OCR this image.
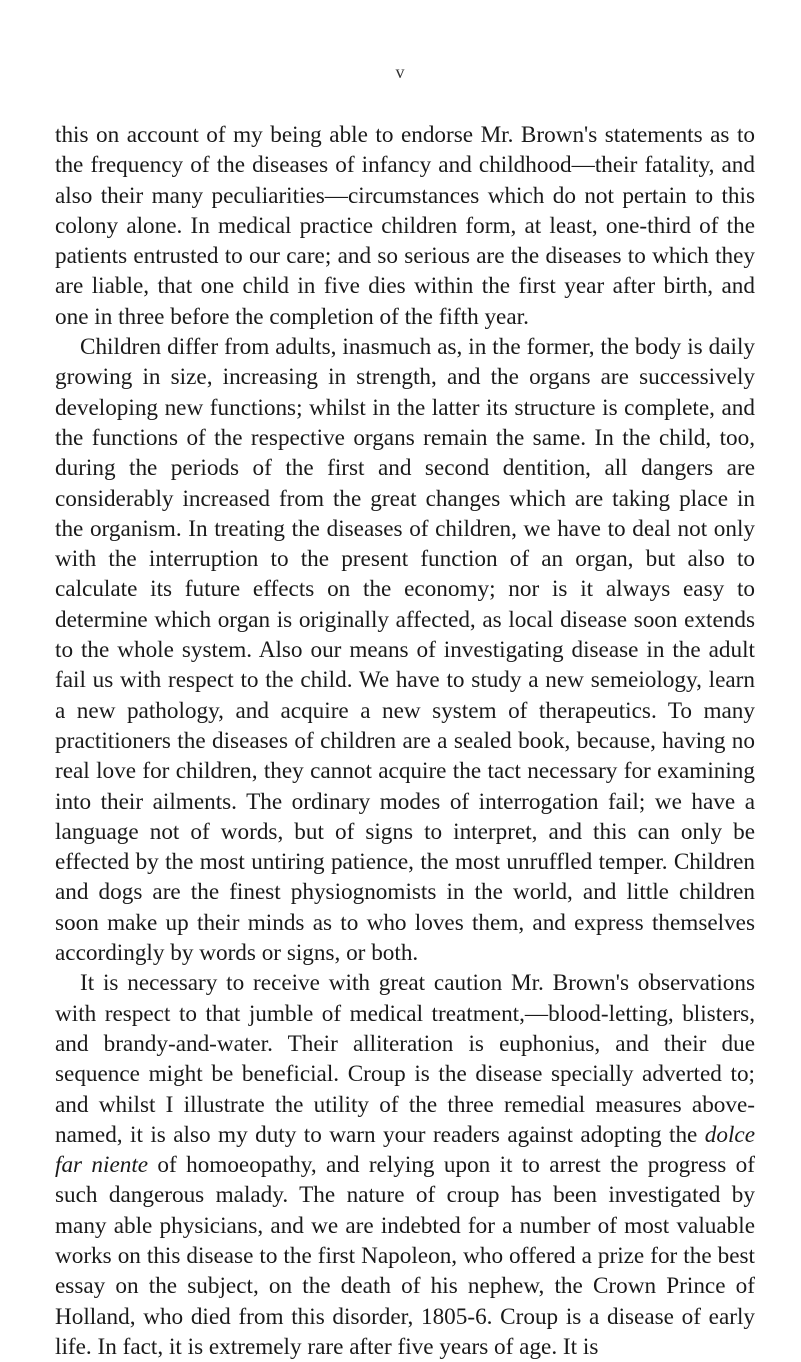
v

this on account of my being able to endorse Mr. Brown's statements as to the frequency of the diseases of infancy and childhood—their fatality, and also their many peculiarities—circumstances which do not pertain to this colony alone. In medical practice children form, at least, one-third of the patients entrusted to our care; and so serious are the diseases to which they are liable, that one child in five dies within the first year after birth, and one in three before the completion of the fifth year.

Children differ from adults, inasmuch as, in the former, the body is daily growing in size, increasing in strength, and the organs are successively developing new functions; whilst in the latter its structure is complete, and the functions of the respective organs remain the same. In the child, too, during the periods of the first and second dentition, all dangers are considerably increased from the great changes which are taking place in the organism. In treating the diseases of children, we have to deal not only with the interruption to the present function of an organ, but also to calculate its future effects on the economy; nor is it always easy to determine which organ is originally affected, as local disease soon extends to the whole system. Also our means of investigating disease in the adult fail us with respect to the child. We have to study a new semeiology, learn a new pathology, and acquire a new system of therapeutics. To many practitioners the diseases of children are a sealed book, because, having no real love for children, they cannot acquire the tact necessary for examining into their ailments. The ordinary modes of interrogation fail; we have a language not of words, but of signs to interpret, and this can only be effected by the most untiring patience, the most unruffled temper. Children and dogs are the finest physiognomists in the world, and little children soon make up their minds as to who loves them, and express themselves accordingly by words or signs, or both.

It is necessary to receive with great caution Mr. Brown's observations with respect to that jumble of medical treatment,—blood-letting, blisters, and brandy-and-water. Their alliteration is euphonius, and their due sequence might be beneficial. Croup is the disease specially adverted to; and whilst I illustrate the utility of the three remedial measures above-named, it is also my duty to warn your readers against adopting the dolce far niente of homoeopathy, and relying upon it to arrest the progress of such dangerous malady. The nature of croup has been investigated by many able physicians, and we are indebted for a number of most valuable works on this disease to the first Napoleon, who offered a prize for the best essay on the subject, on the death of his nephew, the Crown Prince of Holland, who died from this disorder, 1805-6. Croup is a disease of early life. In fact, it is extremely rare after five years of age. It is
